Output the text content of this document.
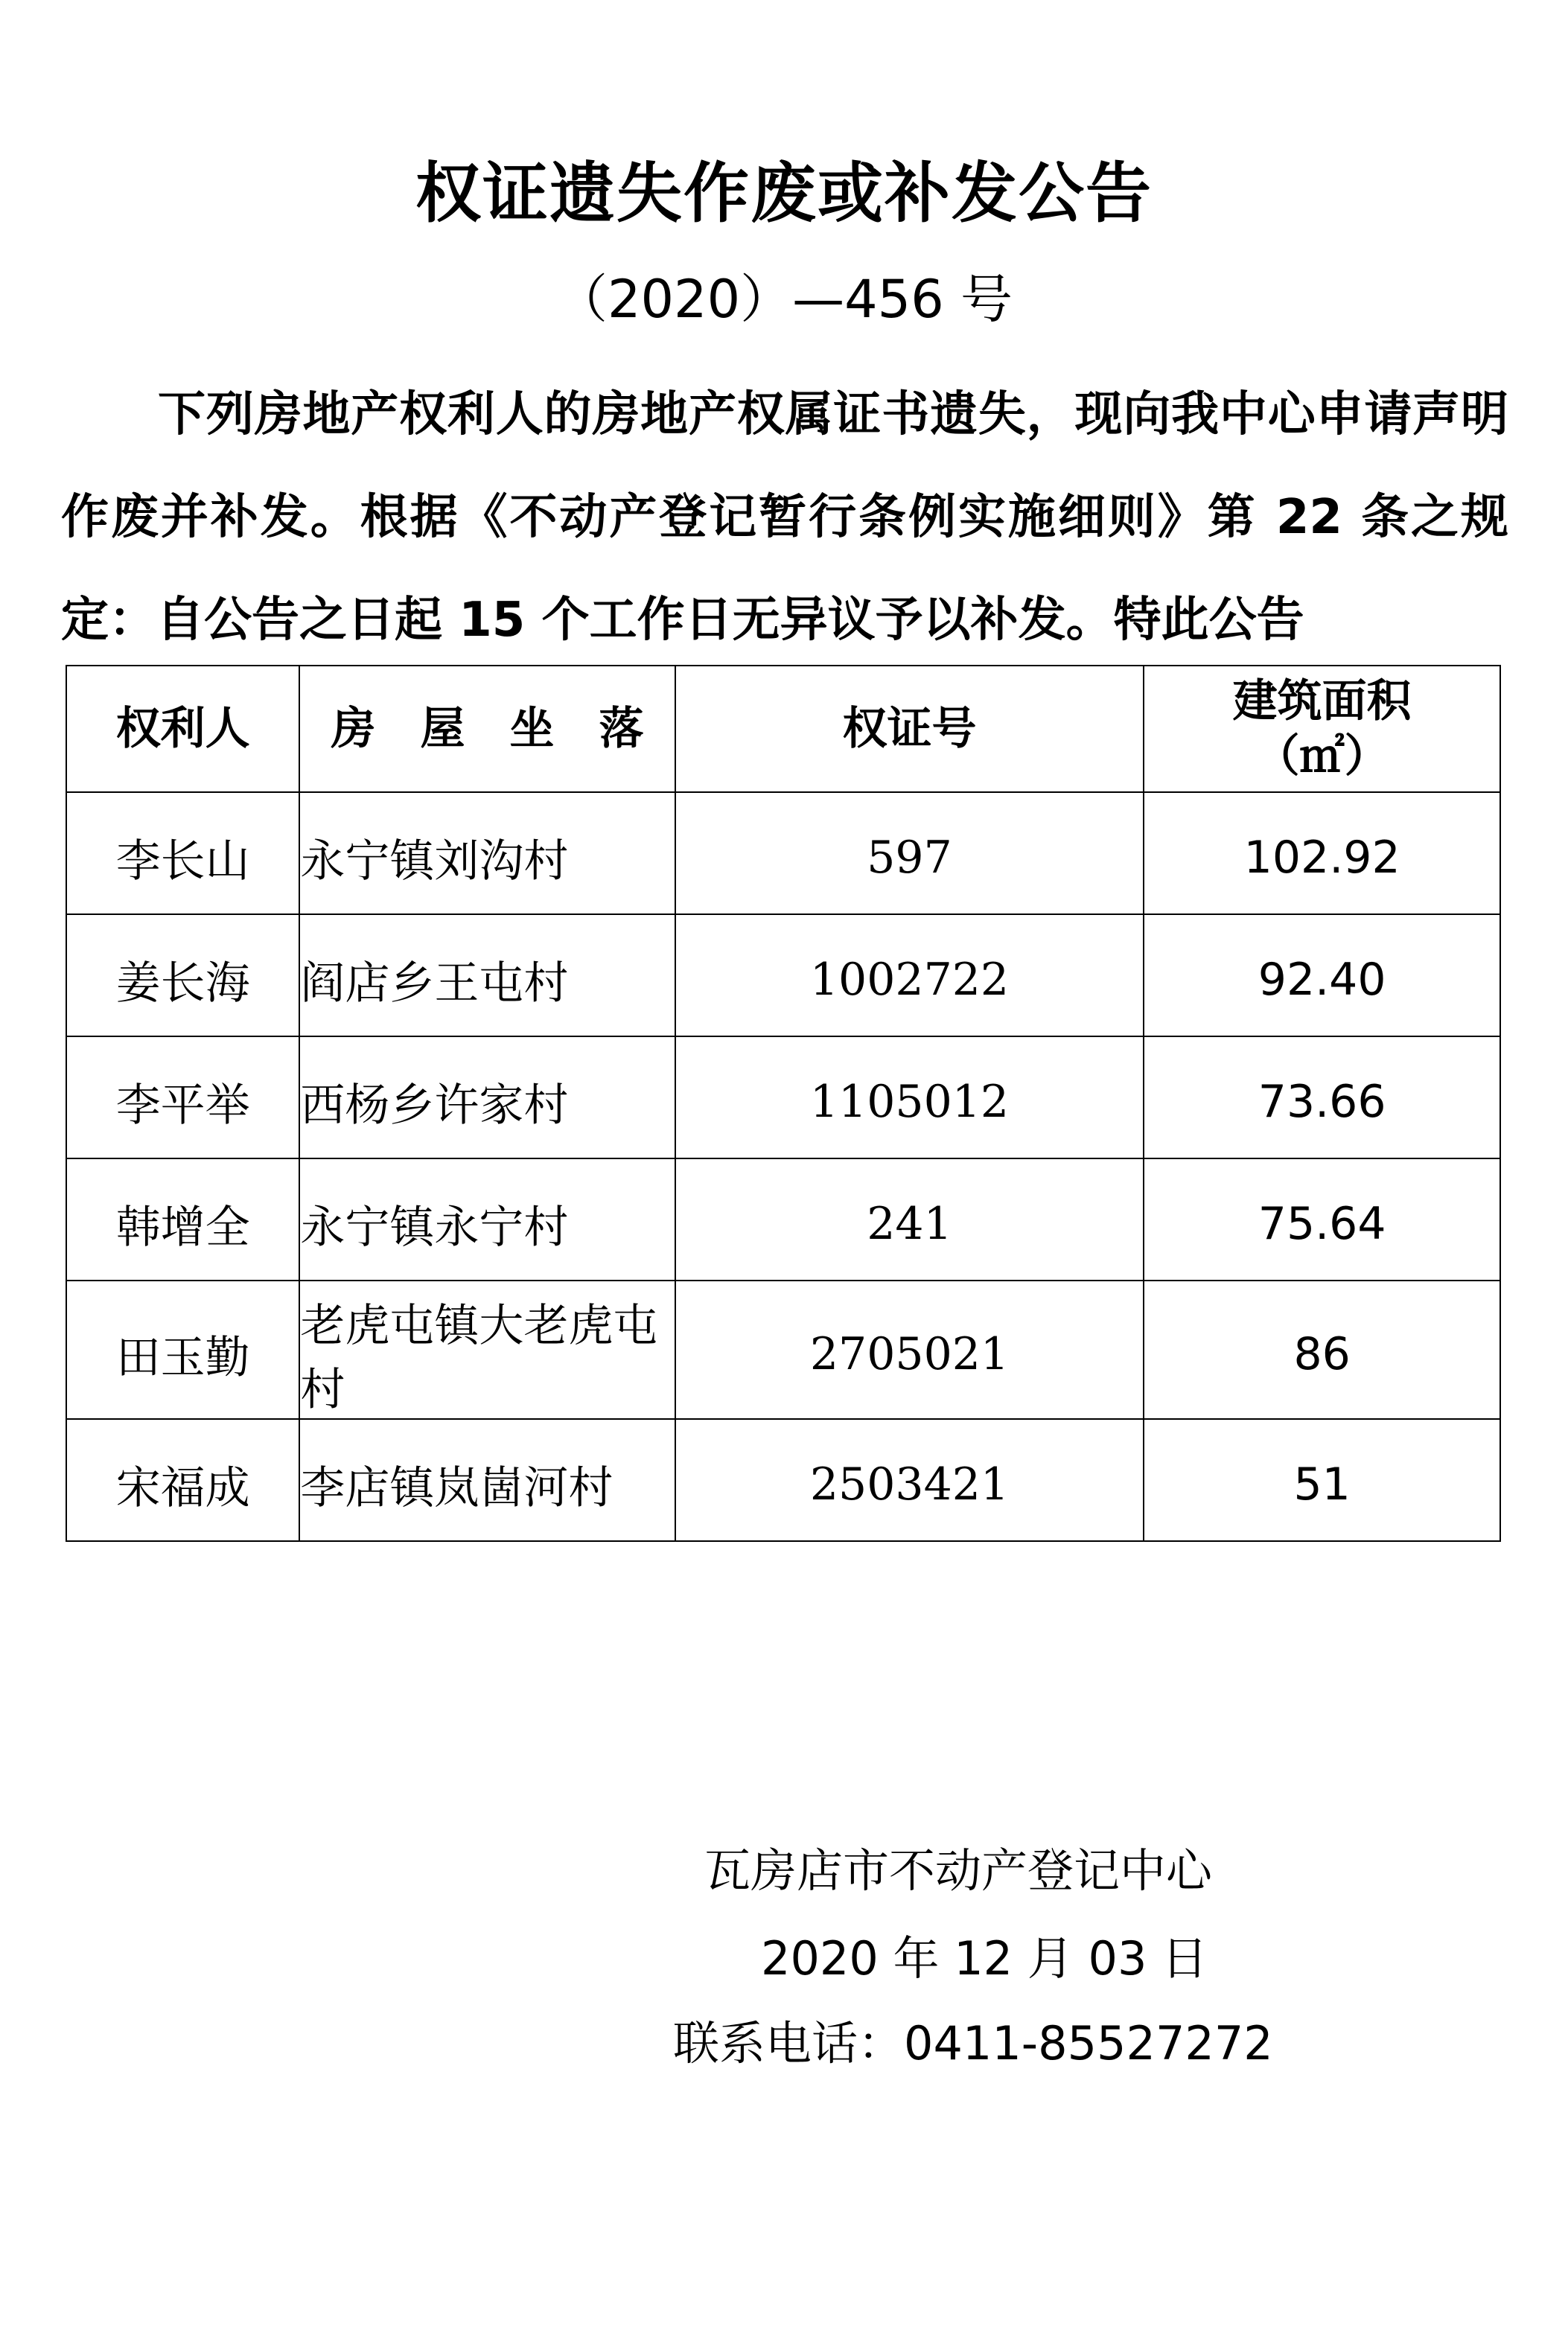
权证遗失作废或补发公告
（2020）—456 号
下列房地产权利人的房地产权属证书遗失，现向我中心申请声明作废并补发。根据《不动产登记暂行条例实施细则》第 22 条之规定：自公告之日起 15 个工作日无异议予以补发。特此公告
权利人	房　屋　坐　落	权证号	建筑面积
（㎡）

李长山	永宁镇刘沟村	597	102.92
姜长海	阎店乡王屯村	1002722	92.40
李平举	西杨乡许家村	1105012	73.66
韩增全	永宁镇永宁村	241	75.64
田玉勤	老虎屯镇大老虎屯村	2705021	86
宋福成	李店镇岚崮河村	2503421	51
瓦房店市不动产登记中心
2020 年 12 月 03 日
联系电话：0411-85527272
